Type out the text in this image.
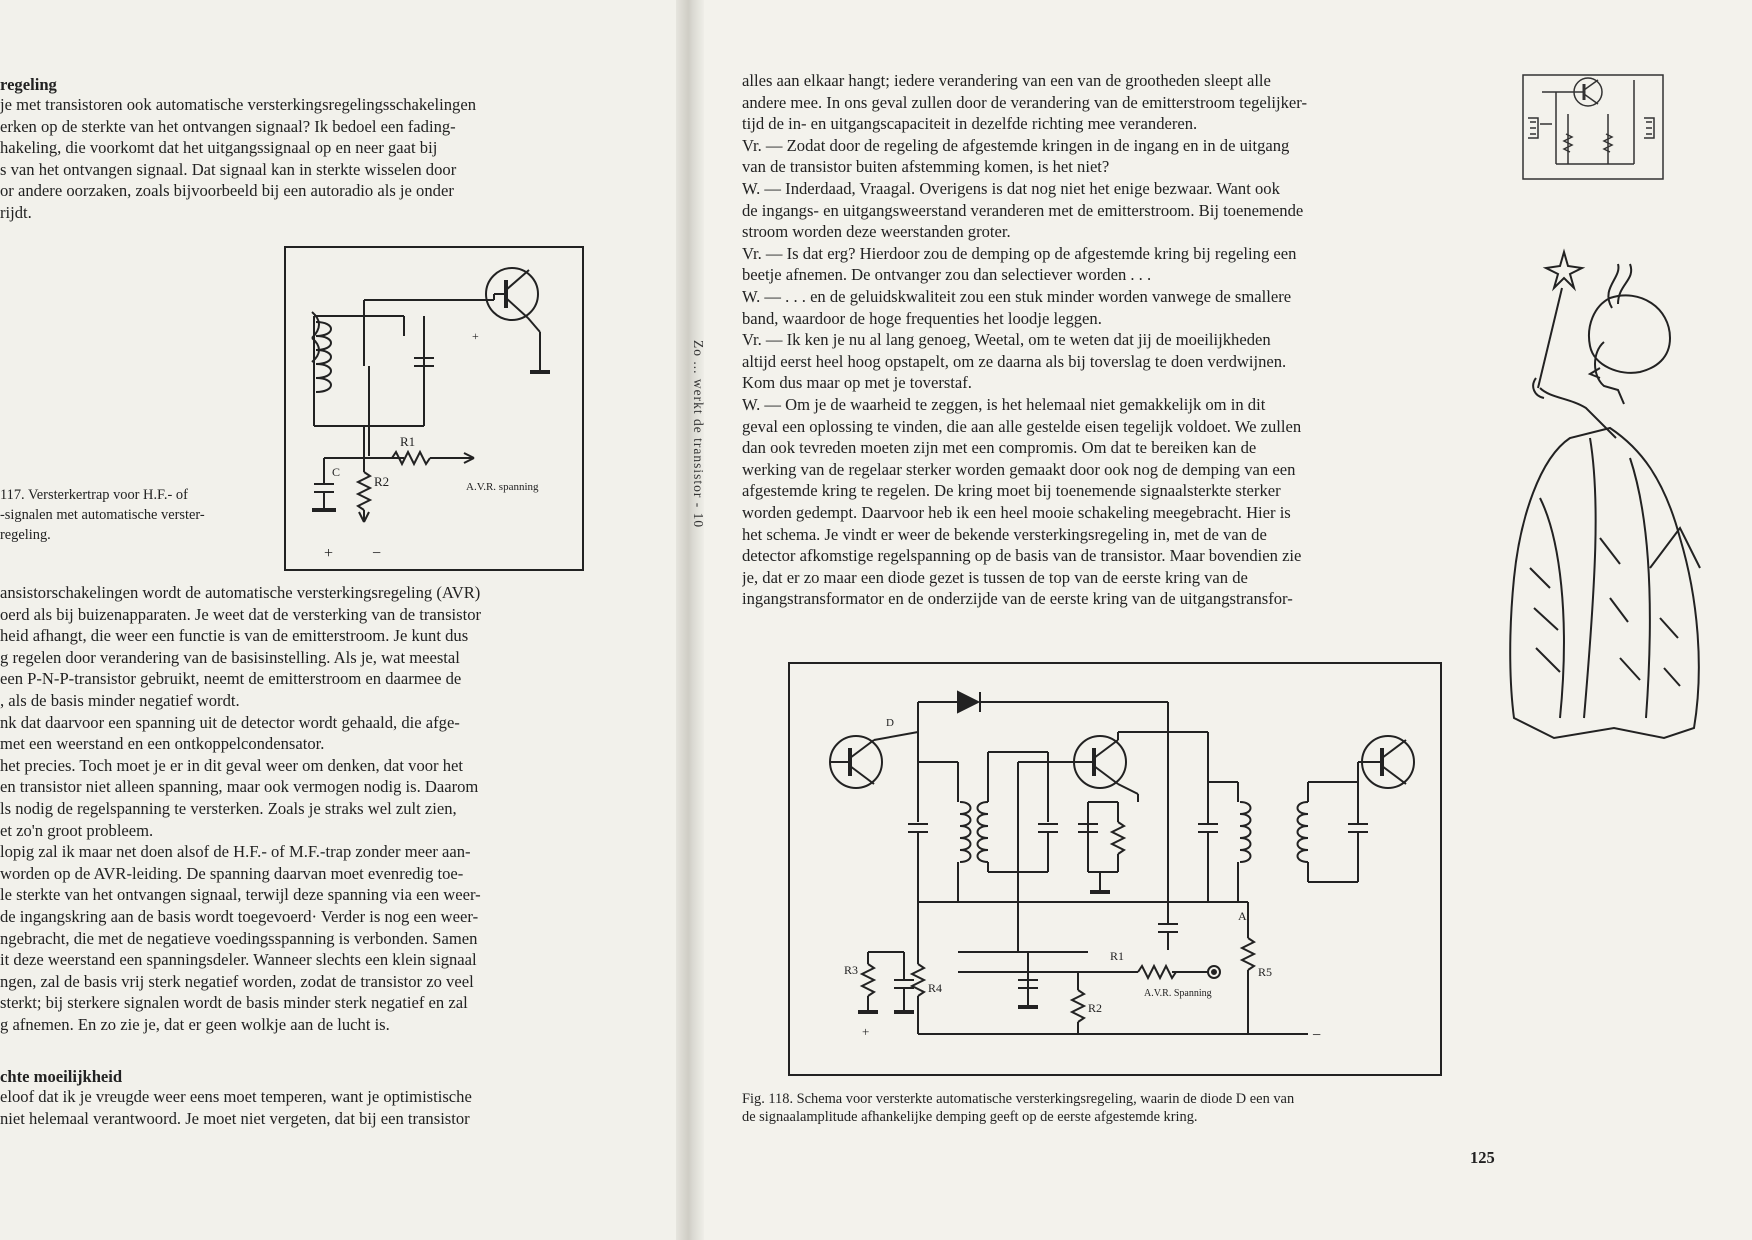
Zo ... werkt de transistor - 10
regeling
je met transistoren ook automatische versterkingsregelingsschakelingen
erken op de sterkte van het ontvangen signaal? Ik bedoel een fading-
hakeling, die voorkomt dat het uitgangssignaal op en neer gaat bij
s van het ontvangen signaal. Dat signaal kan in sterkte wisselen door
or andere oorzaken, zoals bijvoorbeeld bij een autoradio als je onder
rijdt.
+
R1
R2
C
A.V.R. spanning
+ −
117. Versterkertrap voor H.F.- of
-signalen met automatische verster-
regeling.
ansistorschakelingen wordt de automatische versterkingsregeling (AVR)
oerd als bij buizenapparaten. Je weet dat de versterking van de transistor
heid afhangt, die weer een functie is van de emitterstroom. Je kunt dus
g regelen door verandering van de basisinstelling. Als je, wat meestal
een P-N-P-transistor gebruikt, neemt de emitterstroom en daarmee de
, als de basis minder negatief wordt.
nk dat daarvoor een spanning uit de detector wordt gehaald, die afge-
met een weerstand en een ontkoppelcondensator.
het precies. Toch moet je er in dit geval weer om denken, dat voor het
en transistor niet alleen spanning, maar ook vermogen nodig is. Daarom
ls nodig de regelspanning te versterken. Zoals je straks wel zult zien,
et zo'n groot probleem.
lopig zal ik maar net doen alsof de H.F.- of M.F.-trap zonder meer aan-
worden op de AVR-leiding. De spanning daarvan moet evenredig toe-
le sterkte van het ontvangen signaal, terwijl deze spanning via een weer-
de ingangskring aan de basis wordt toegevoerd· Verder is nog een weer-
ngebracht, die met de negatieve voedingsspanning is verbonden. Samen
it deze weerstand een spanningsdeler. Wanneer slechts een klein signaal
ngen, zal de basis vrij sterk negatief worden, zodat de transistor zo veel
sterkt; bij sterkere signalen wordt de basis minder sterk negatief en zal
g afnemen. En zo zie je, dat er geen wolkje aan de lucht is.
chte moeilijkheid
eloof dat ik je vreugde weer eens moet temperen, want je optimistische
niet helemaal verantwoord. Je moet niet vergeten, dat bij een transistor
alles aan elkaar hangt; iedere verandering van een van de grootheden sleept alle
andere mee. In ons geval zullen door de verandering van de emitterstroom tegelijker-
tijd de in- en uitgangscapaciteit in dezelfde richting mee veranderen.
Vr. — Zodat door de regeling de afgestemde kringen in de ingang en in de uitgang
van de transistor buiten afstemming komen, is het niet?
W. — Inderdaad, Vraagal. Overigens is dat nog niet het enige bezwaar. Want ook
de ingangs- en uitgangsweerstand veranderen met de emitterstroom. Bij toenemende
stroom worden deze weerstanden groter.
Vr. — Is dat erg? Hierdoor zou de demping op de afgestemde kring bij regeling een
beetje afnemen. De ontvanger zou dan selectiever worden . . .
W. — . . . en de geluidskwaliteit zou een stuk minder worden vanwege de smallere
band, waardoor de hoge frequenties het loodje leggen.
Vr. — Ik ken je nu al lang genoeg, Weetal, om te weten dat jij de moeilijkheden
altijd eerst heel hoog opstapelt, om ze daarna als bij toverslag te doen verdwijnen.
Kom dus maar op met je toverstaf.
W. — Om je de waarheid te zeggen, is het helemaal niet gemakkelijk om in dit
geval een oplossing te vinden, die aan alle gestelde eisen tegelijk voldoet. We zullen
dan ook tevreden moeten zijn met een compromis. Om dat te bereiken kan de
werking van de regelaar sterker worden gemaakt door ook nog de demping van een
afgestemde kring te regelen. De kring moet bij toenemende signaalsterkte sterker
worden gedempt. Daarvoor heb ik een heel mooie schakeling meegebracht. Hier is
het schema. Je vindt er weer de bekende versterkingsregeling in, met de van de
detector afkomstige regelspanning op de basis van de transistor. Maar bovendien zie
je, dat er zo maar een diode gezet is tussen de top van de eerste kring van de
ingangstransformator en de onderzijde van de eerste kring van de uitgangstransfor-
D
A
R1
R2
R3
R4
R5
A.V.R. Spanning
+	−
Fig. 118. Schema voor versterkte automatische versterkingsregeling, waarin de diode D een van
de signaalamplitude afhankelijke demping geeft op de eerste afgestemde kring.
125
